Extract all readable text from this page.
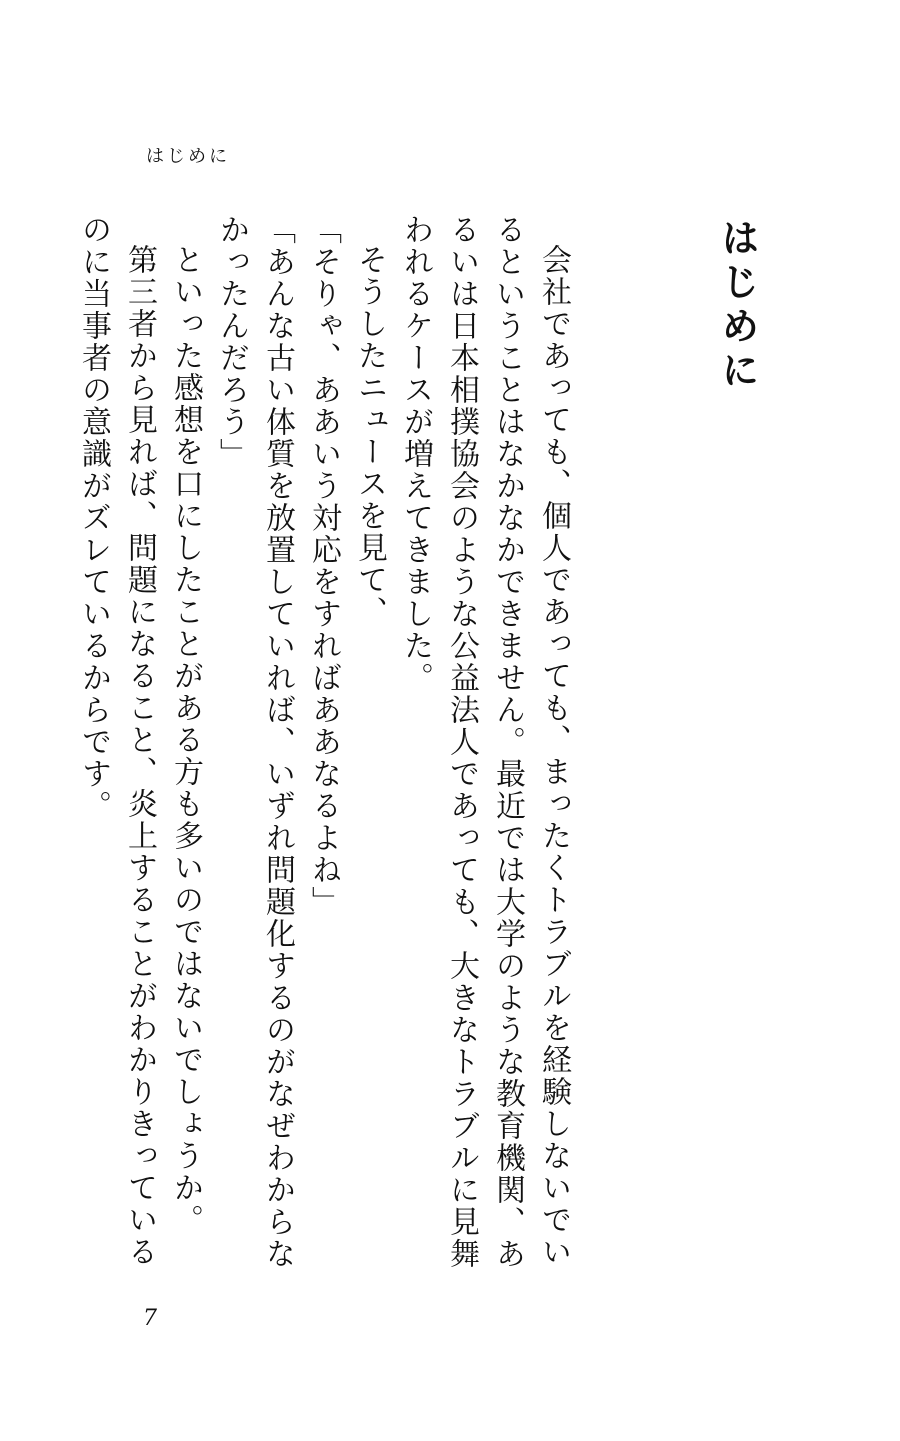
はじめに
はじめに

会社であっても、個人であっても、まったくトラブルを経験しないでいるということはなかなかできません。最近では大学のような教育機関、あるいは日本相撲協会のような公益法人であっても、大きなトラブルに見舞われるケースが増えてきました。

そうしたニュースを見て、

「そりゃ、ああいう対応をすればああなるよね」

「あんな古い体質を放置していれば、いずれ問題化するのがなぜわからなかったんだろう」

といった感想を口にしたことがある方も多いのではないでしょうか。

第三者から見れば、問題になること、炎上することがわかりきっているのに当事者の意識がズレているからです。

7
